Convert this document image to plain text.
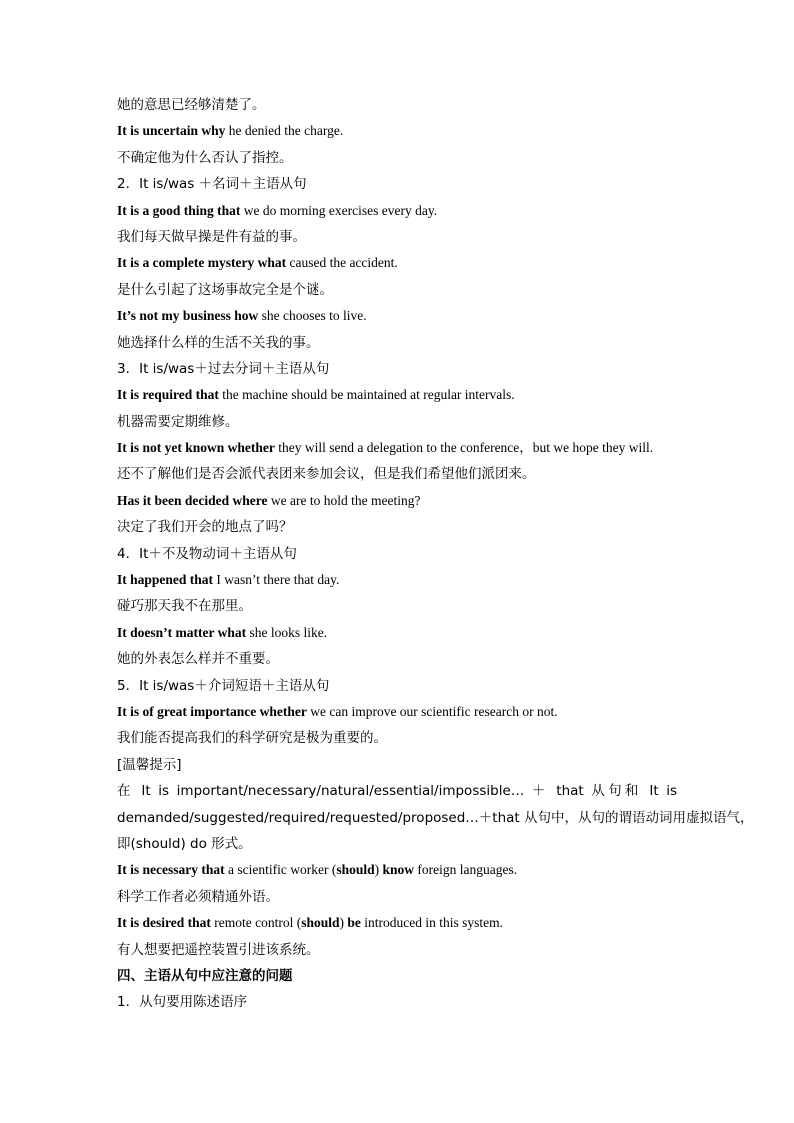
她的意思已经够清楚了。
It is uncertain why he denied the charge.
不确定他为什么否认了指控。
2．It is/was ＋名词＋主语从句
It is a good thing that we do morning exercises every day.
我们每天做早操是件有益的事。
It is a complete mystery what caused the accident.
是什么引起了这场事故完全是个谜。
It’s not my business how she chooses to live.
她选择什么样的生活不关我的事。
3．It is/was＋过去分词＋主语从句
It is required that the machine should be maintained at regular intervals.
机器需要定期维修。
It is not yet known whether they will send a delegation to the conference，but we hope they will.
还不了解他们是否会派代表团来参加会议，但是我们希望他们派团来。
Has it been decided where we are to hold the meeting?
决定了我们开会的地点了吗？
4．It＋不及物动词＋主语从句
It happened that I wasn’t there that day.
碰巧那天我不在那里。
It doesn’t matter what she looks like.
她的外表怎么样并不重要。
5．It is/was＋介词短语＋主语从句
It is of great importance whether we can improve our scientific research or not.
我们能否提高我们的科学研究是极为重要的。
[温馨提示]
在 It is important/necessary/natural/essential/impossible… ＋ that 从句和 It is
demanded/suggested/required/requested/proposed…＋that 从句中，从句的谓语动词用虚拟语气，
即(should) do 形式。
It is necessary that a scientific worker (should) know foreign languages.
科学工作者必须精通外语。
It is desired that remote control (should) be introduced in this system.
有人想要把遥控装置引进该系统。
四、主语从句中应注意的问题
1．从句要用陈述语序
